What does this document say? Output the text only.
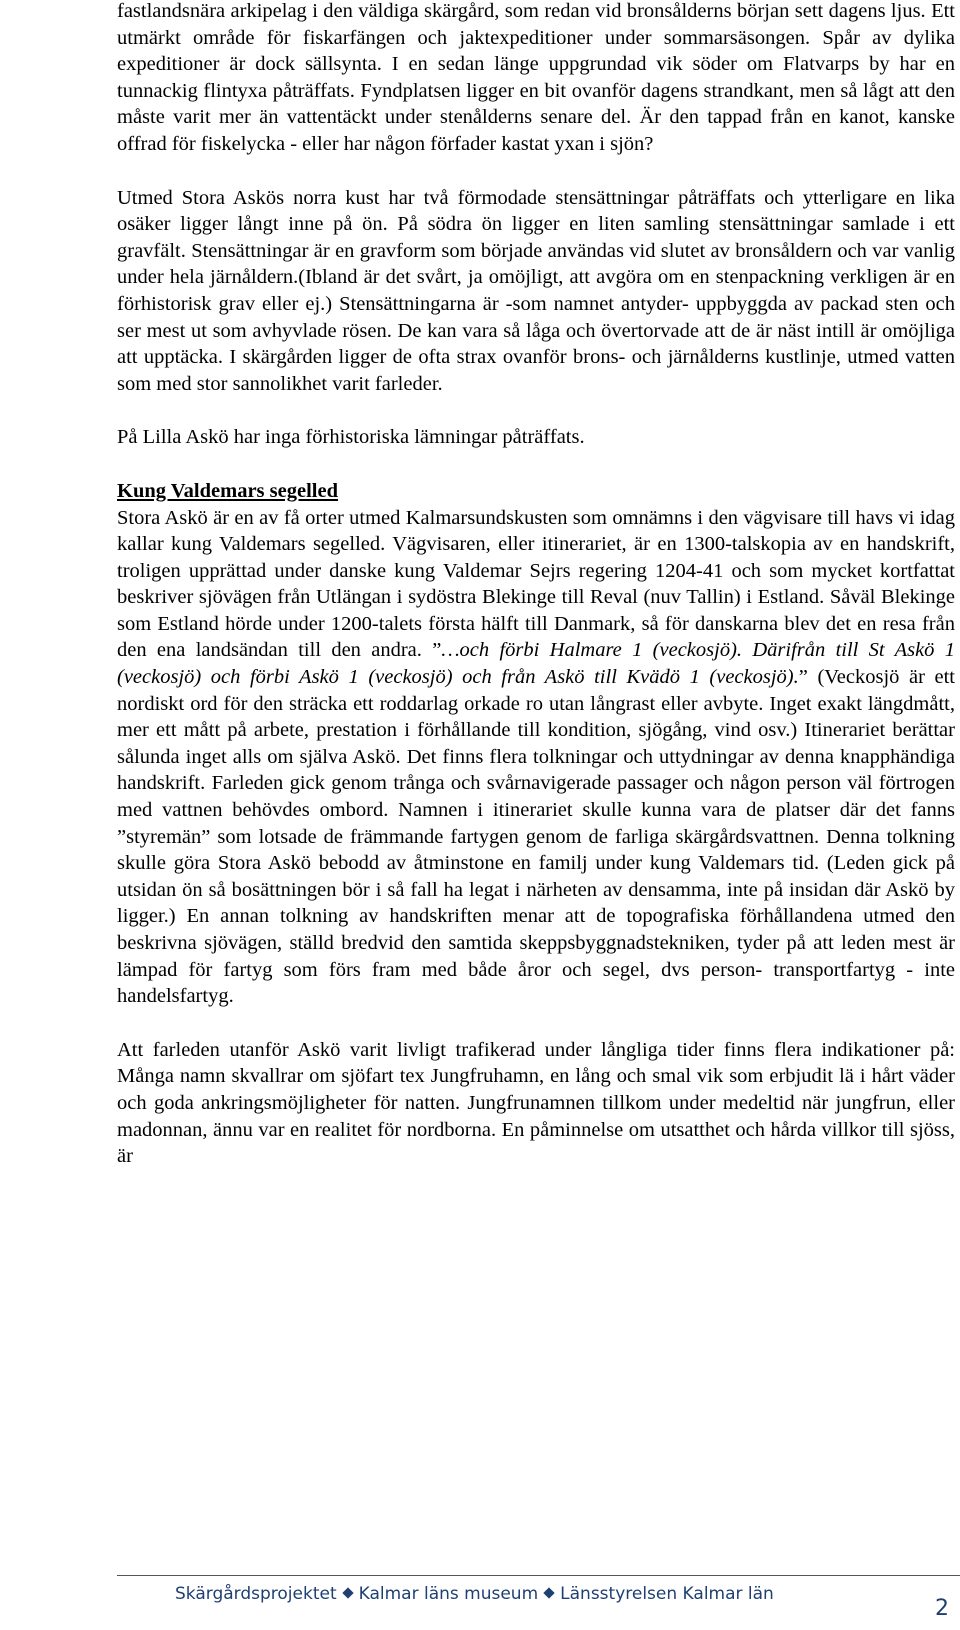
fastlandsnära arkipelag i den väldiga skärgård, som redan vid bronsålderns början sett dagens ljus. Ett utmärkt område för fiskarfängen och jaktexpeditioner under sommarsäsongen. Spår av dylika expeditioner är dock sällsynta. I en sedan länge uppgrundad vik söder om Flatvarps by har en tunnackig flintyxa påträffats. Fyndplatsen ligger en bit ovanför dagens strandkant, men så lågt att den måste varit mer än vattentäckt under stenålderns senare del. Är den tappad från en kanot, kanske offrad för fiskelycka - eller har någon förfader kastat yxan i sjön?

Utmed Stora Askös norra kust har två förmodade stensättningar påträffats och ytterligare en lika osäker ligger långt inne på ön. På södra ön ligger en liten samling stensättningar samlade i ett gravfält. Stensättningar är en gravform som började användas vid slutet av bronsåldern och var vanlig under hela järnåldern.(Ibland är det svårt, ja omöjligt, att avgöra om en stenpackning verkligen är en förhistorisk grav eller ej.) Stensättningarna är -som namnet antyder- uppbyggda av packad sten och ser mest ut som avhyvlade rösen. De kan vara så låga och övertorvade att de är näst intill är omöjliga att upptäcka. I skärgården ligger de ofta strax ovanför brons- och järnålderns kustlinje, utmed vatten som med stor sannolikhet varit farleder.

På Lilla Askö har inga förhistoriska lämningar påträffats.

Kung Valdemars segelled

Stora Askö är en av få orter utmed Kalmarsundskusten som omnämns i den vägvisare till havs vi idag kallar kung Valdemars segelled. Vägvisaren, eller itinerariet, är en 1300-talskopia av en handskrift, troligen upprättad under danske kung Valdemar Sejrs regering 1204-41 och som mycket kortfattat beskriver sjövägen från Utlängan i sydöstra Blekinge till Reval (nuv Tallin) i Estland. Såväl Blekinge som Estland hörde under 1200-talets första hälft till Danmark, så för danskarna blev det en resa från den ena landsändan till den andra. ”…och förbi Halmare 1 (veckosjö). Därifrån till St Askö 1 (veckosjö) och förbi Askö 1 (veckosjö) och från Askö till Kvädö 1 (veckosjö).” (Veckosjö är ett nordiskt ord för den sträcka ett roddarlag orkade ro utan långrast eller avbyte. Inget exakt längdmått, mer ett mått på arbete, prestation i förhållande till kondition, sjögång, vind osv.) Itinerariet berättar sålunda inget alls om själva Askö. Det finns flera tolkningar och uttydningar av denna knapphändiga handskrift. Farleden gick genom trånga och svårnavigerade passager och någon person väl förtrogen med vattnen behövdes ombord. Namnen i itinerariet skulle kunna vara de platser där det fanns ”styremän” som lotsade de främmande fartygen genom de farliga skärgårdsvattnen. Denna tolkning skulle göra Stora Askö bebodd av åtminstone en familj under kung Valdemars tid. (Leden gick på utsidan ön så bosättningen bör i så fall ha legat i närheten av densamma, inte på insidan där Askö by ligger.) En annan tolkning av handskriften menar att de topografiska förhållandena utmed den beskrivna sjövägen, ställd bredvid den samtida skeppsbyggnadstekniken, tyder på att leden mest är lämpad för fartyg som förs fram med både åror och segel, dvs person- transportfartyg - inte handelsfartyg.

Att farleden utanför Askö varit livligt trafikerad under långliga tider finns flera indikationer på: Många namn skvallrar om sjöfart tex Jungfruhamn, en lång och smal vik som erbjudit lä i hårt väder och goda ankringsmöjligheter för natten. Jungfrunamnen tillkom under medeltid när jungfrun, eller madonnan, ännu var en realitet för nordborna. En påminnelse om utsatthet och hårda villkor till sjöss, är

Skärgårdsprojektet Kalmar läns museum Länsstyrelsen Kalmar län
2
